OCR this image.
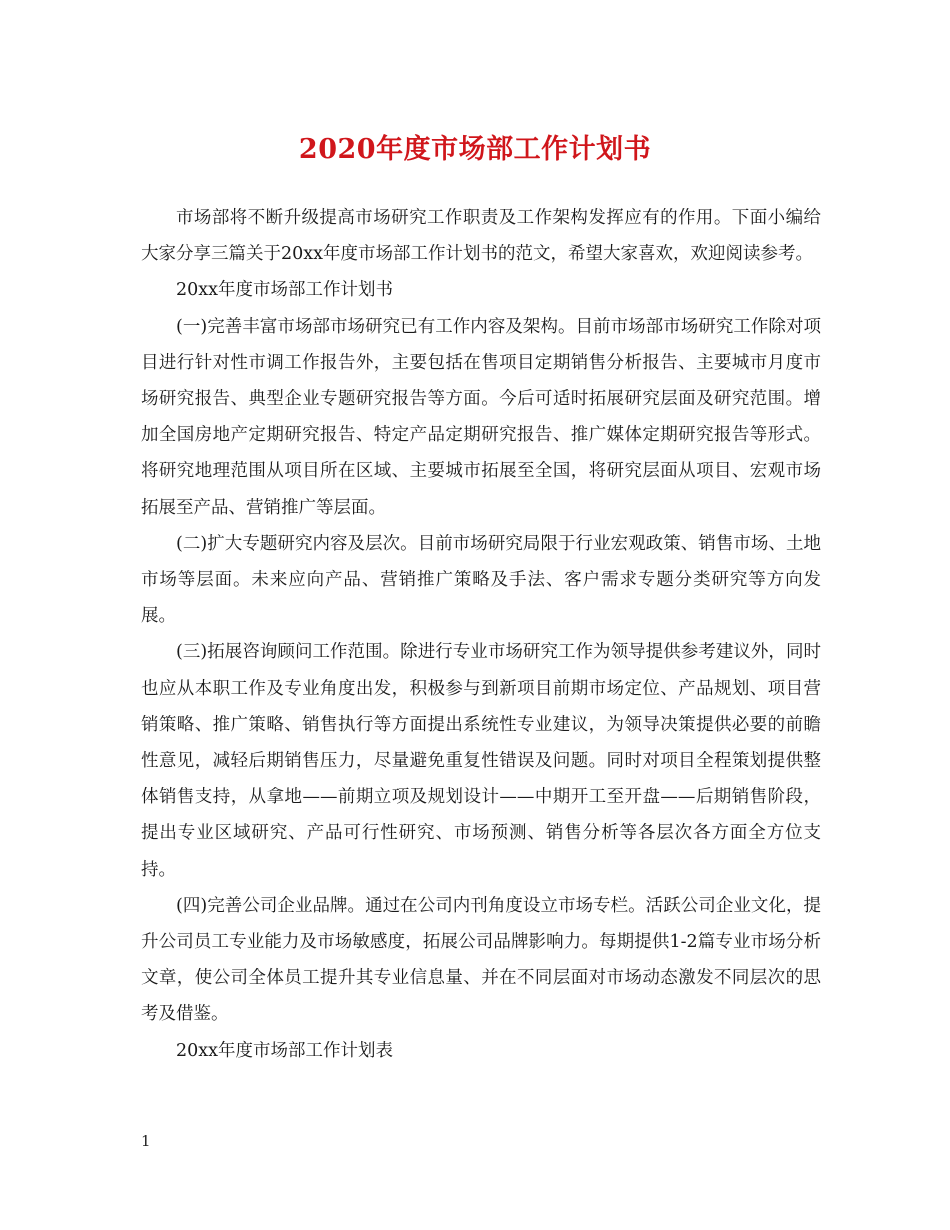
2020年度市场部工作计划书

市场部将不断升级提高市场研究工作职责及工作架构发挥应有的作用。下面小编给大家分享三篇关于20xx年度市场部工作计划书的范文，希望大家喜欢，欢迎阅读参考。

20xx年度市场部工作计划书

(一)完善丰富市场部市场研究已有工作内容及架构。目前市场部市场研究工作除对项目进行针对性市调工作报告外，主要包括在售项目定期销售分析报告、主要城市月度市场研究报告、典型企业专题研究报告等方面。今后可适时拓展研究层面及研究范围。增加全国房地产定期研究报告、特定产品定期研究报告、推广媒体定期研究报告等形式。将研究地理范围从项目所在区域、主要城市拓展至全国，将研究层面从项目、宏观市场拓展至产品、营销推广等层面。

(二)扩大专题研究内容及层次。目前市场研究局限于行业宏观政策、销售市场、土地市场等层面。未来应向产品、营销推广策略及手法、客户需求专题分类研究等方向发展。

(三)拓展咨询顾问工作范围。除进行专业市场研究工作为领导提供参考建议外，同时也应从本职工作及专业角度出发，积极参与到新项目前期市场定位、产品规划、项目营销策略、推广策略、销售执行等方面提出系统性专业建议，为领导决策提供必要的前瞻性意见，减轻后期销售压力，尽量避免重复性错误及问题。同时对项目全程策划提供整体销售支持，从拿地——前期立项及规划设计——中期开工至开盘——后期销售阶段，提出专业区域研究、产品可行性研究、市场预测、销售分析等各层次各方面全方位支持。

(四)完善公司企业品牌。通过在公司内刊角度设立市场专栏。活跃公司企业文化，提升公司员工专业能力及市场敏感度，拓展公司品牌影响力。每期提供1-2篇专业市场分析文章，使公司全体员工提升其专业信息量、并在不同层面对市场动态激发不同层次的思考及借鉴。

20xx年度市场部工作计划表

1
